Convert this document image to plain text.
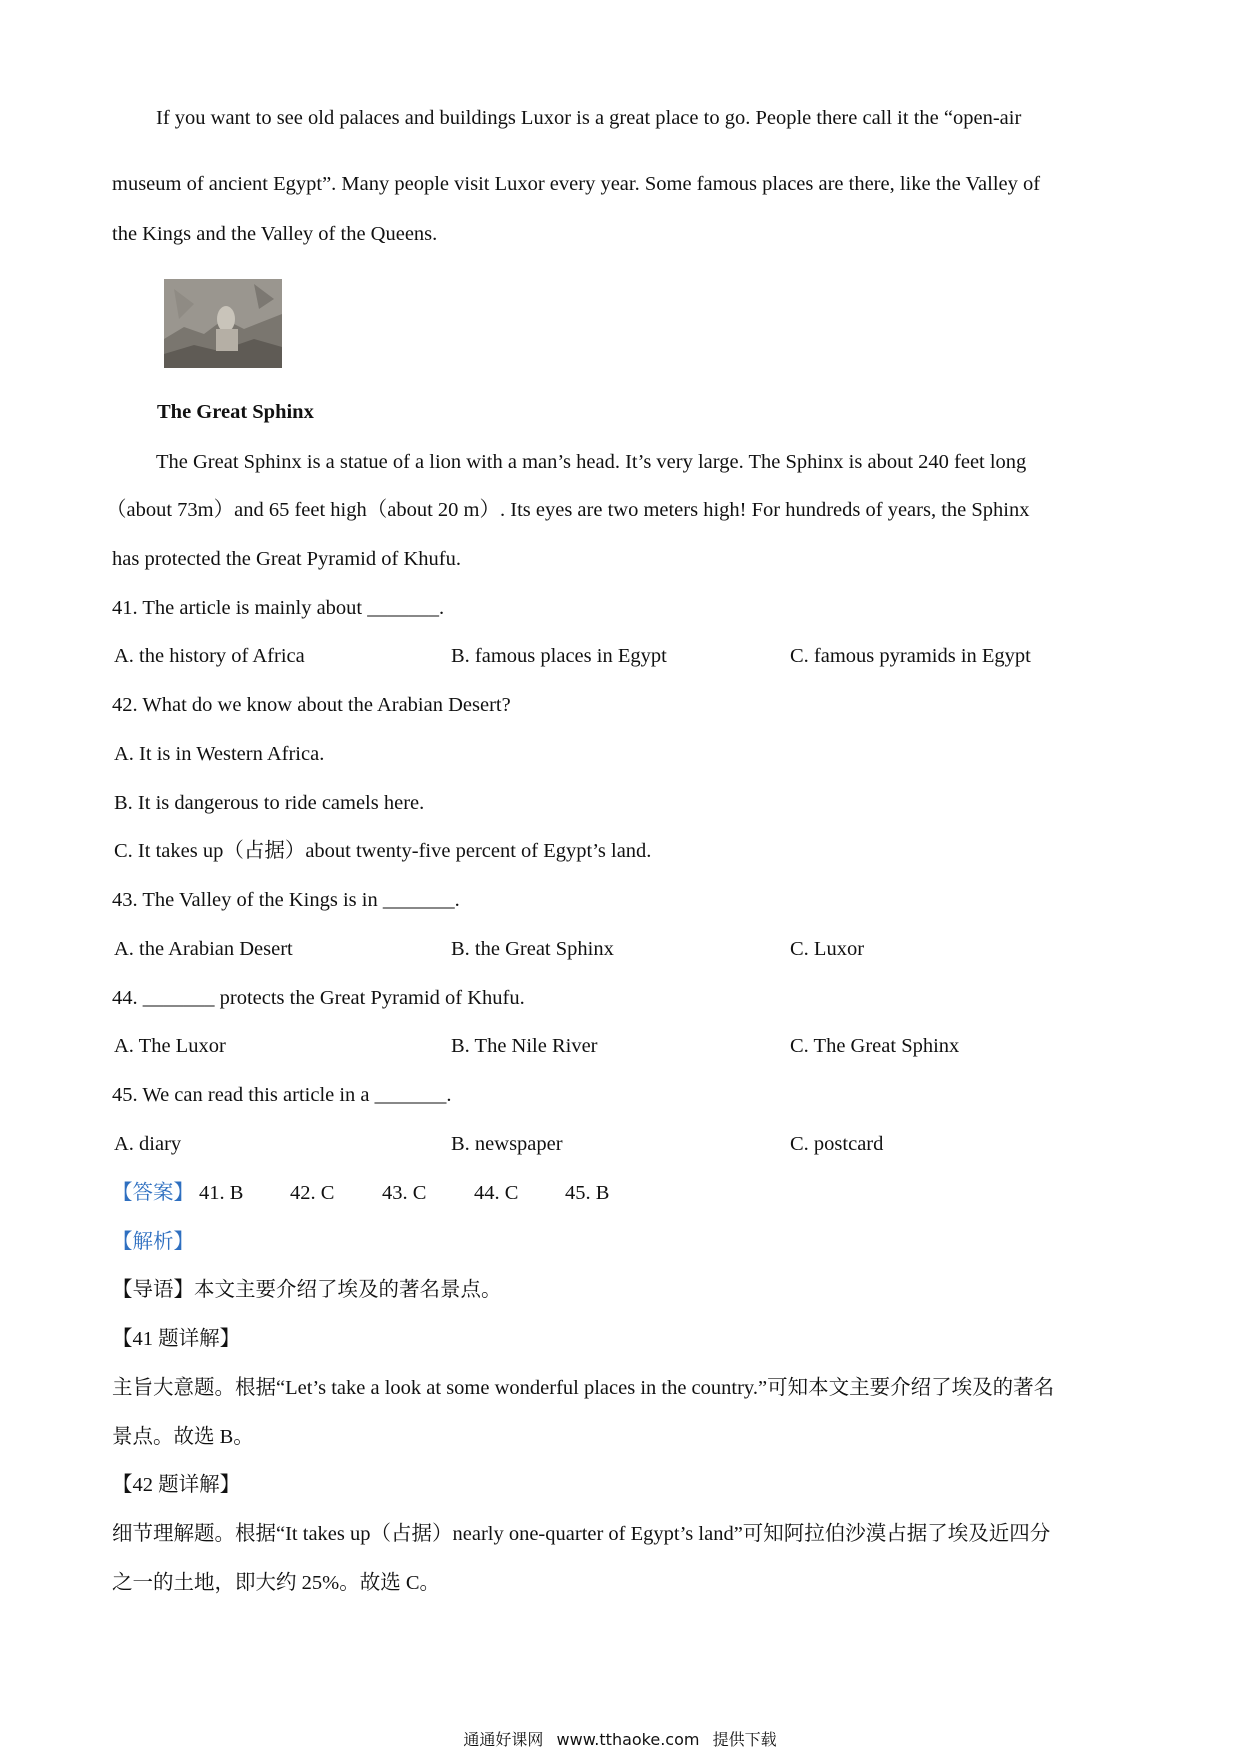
If you want to see old palaces and buildings Luxor is a great place to go. People there call it the “open-air
museum of ancient Egypt”. Many people visit Luxor every year. Some famous places are there, like the Valley of
the Kings and the Valley of the Queens.
The Great Sphinx
The Great Sphinx is a statue of a lion with a man’s head. It’s very large. The Sphinx is about 240 feet long
（about 73m）and 65 feet high（about 20 m）. Its eyes are two meters high! For hundreds of years, the Sphinx
has protected the Great Pyramid of Khufu.
41. The article is mainly about _______.
A. the history of Africa	B. famous places in Egypt	C. famous pyramids in Egypt
42. What do we know about the Arabian Desert?
A. It is in Western Africa.
B. It is dangerous to ride camels here.
C. It takes up（占据）about twenty-five percent of Egypt’s land.
43. The Valley of the Kings is in _______.
A. the Arabian Desert	B. the Great Sphinx	C. Luxor
44. _______ protects the Great Pyramid of Khufu.
A. The Luxor	B. The Nile River	C. The Great Sphinx
45. We can read this article in a _______.
A. diary	B. newspaper	C. postcard
【答案】 41. B 42. C 43. C 44. C 45. B
【解析】
【导语】本文主要介绍了埃及的著名景点。
【41 题详解】
主旨大意题。根据“Let’s take a look at some wonderful places in the country.”可知本文主要介绍了埃及的著名
景点。故选 B。
【42 题详解】
细节理解题。根据“It takes up（占据）nearly one-quarter of Egypt’s land”可知阿拉伯沙漠占据了埃及近四分
之一的土地，即大约 25%。故选 C。
通通好课网 www.tthaoke.com 提供下载
